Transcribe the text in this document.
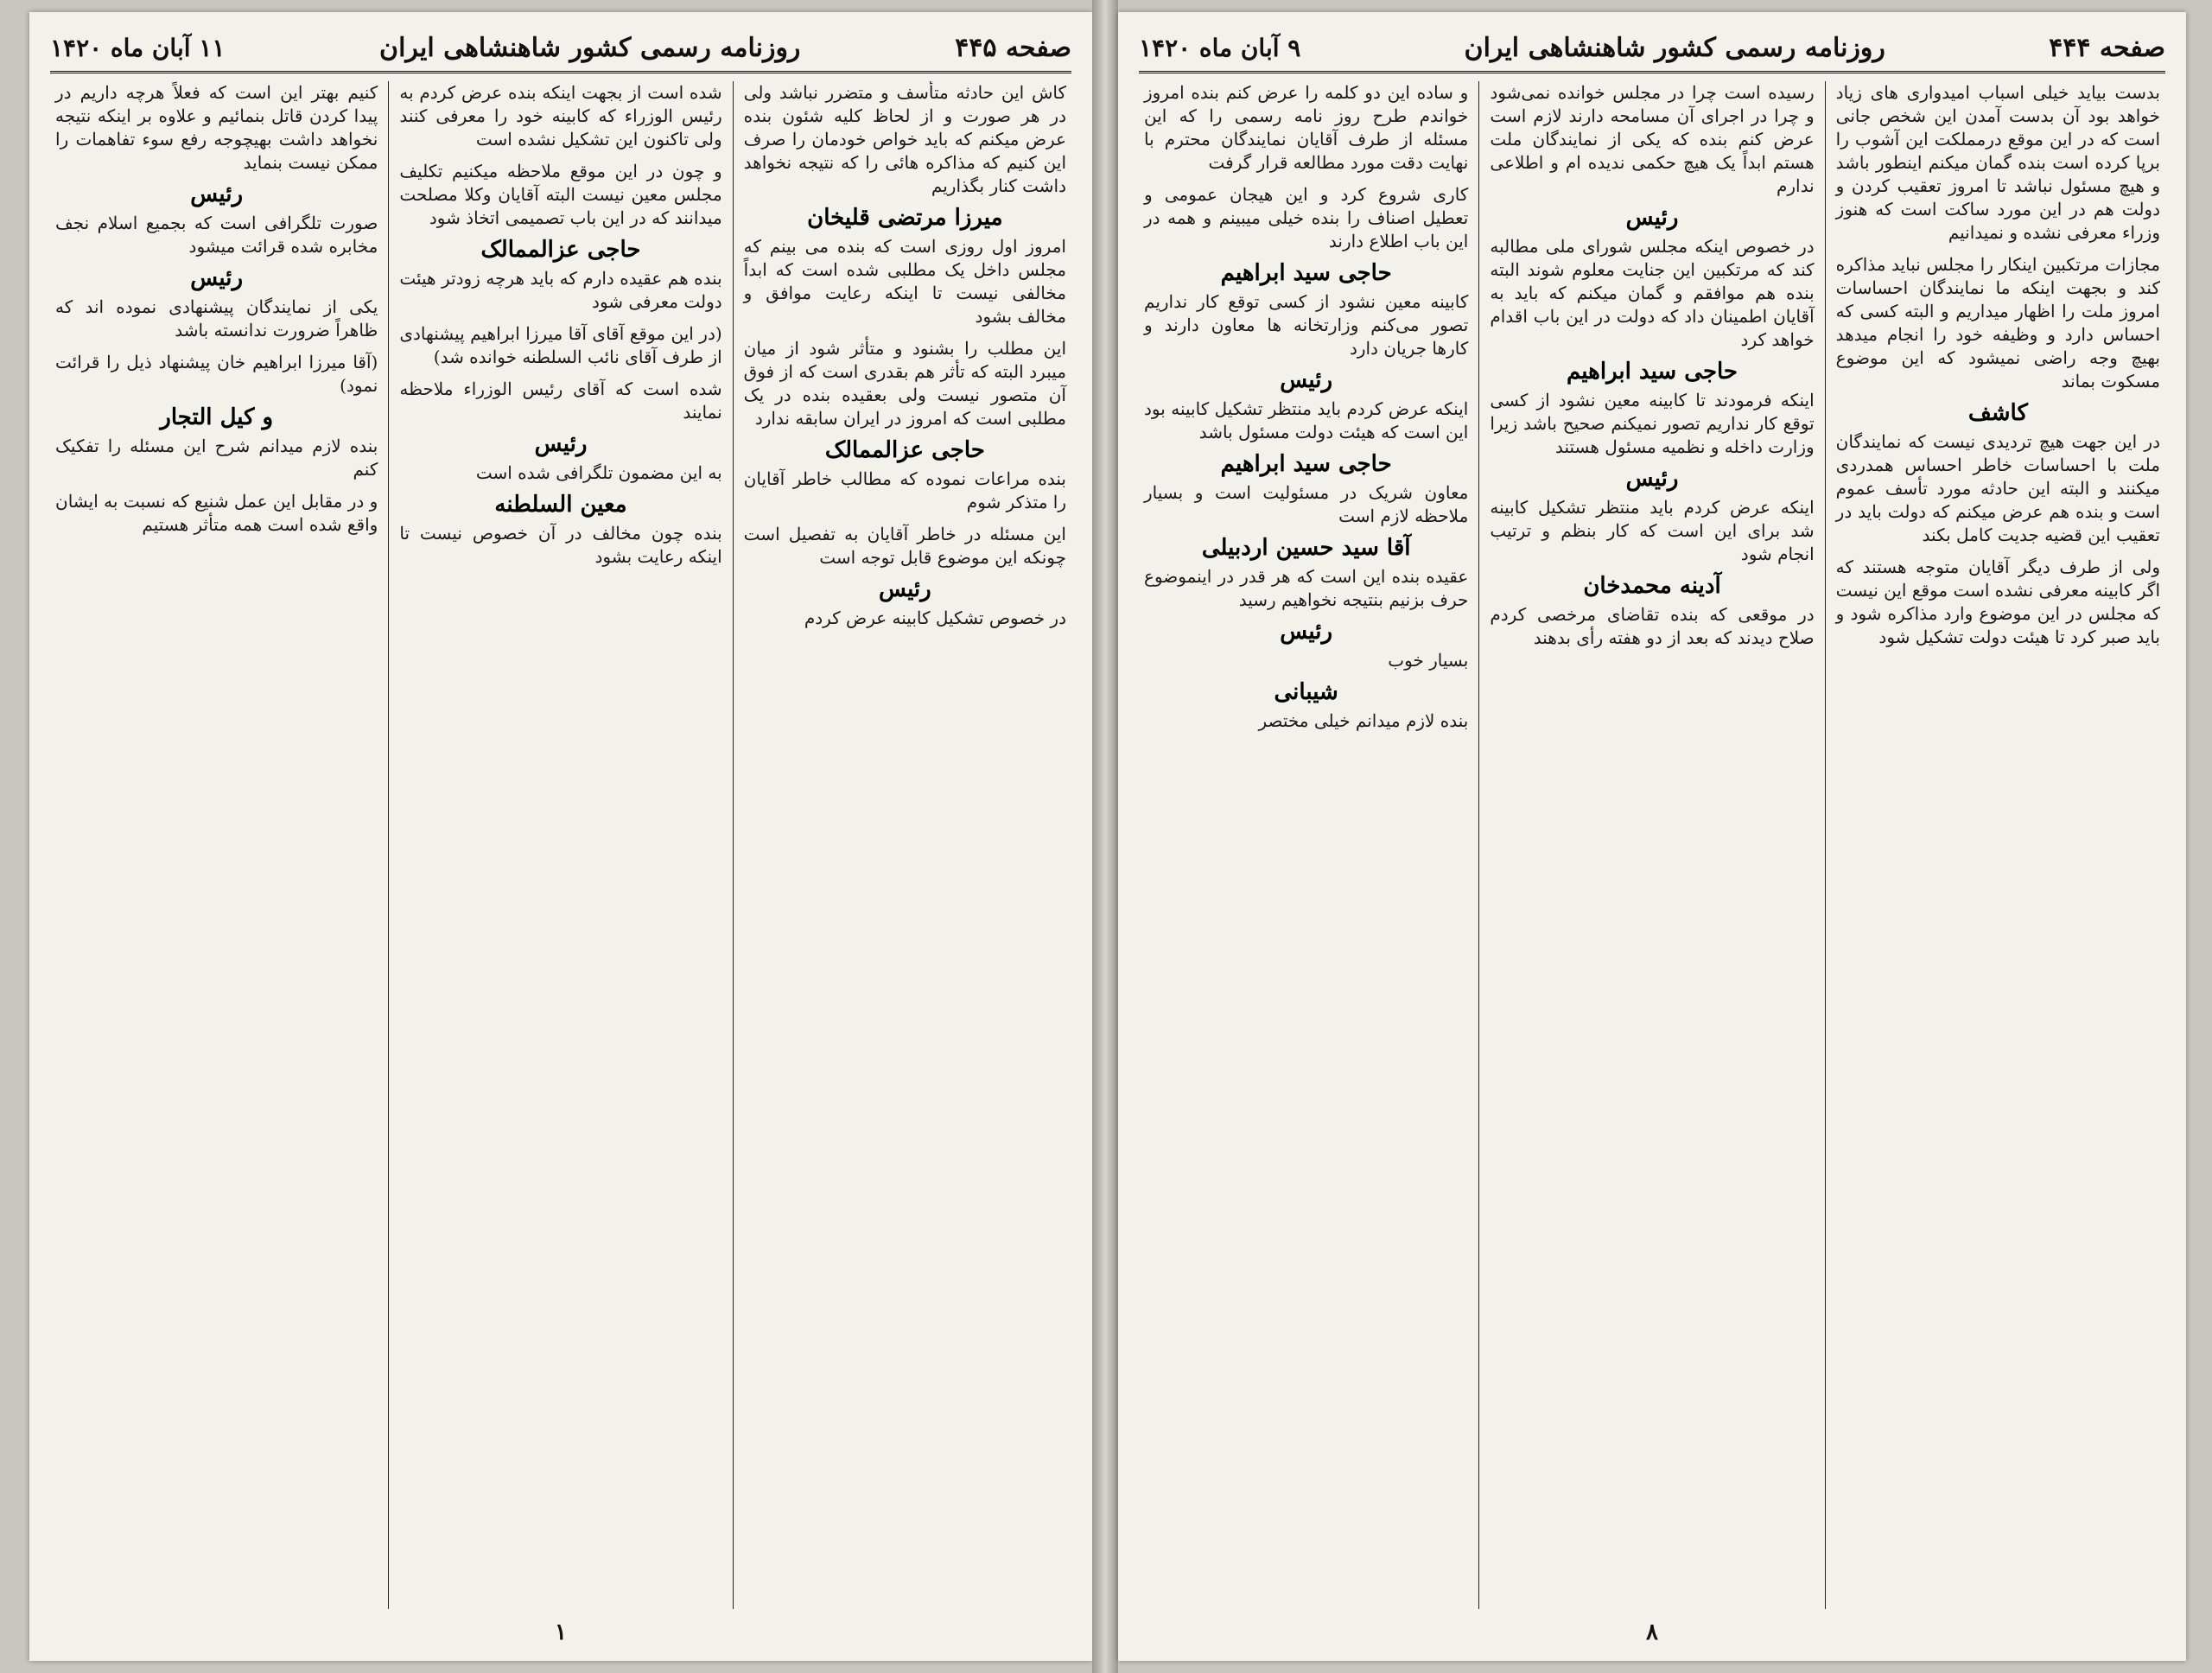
صفحه ۴۴۵
روزنامه رسمی کشور شاهنشاهی ایران
۱۱ آبان ماه ۱۴۲۰

کاش این حادثه متأسف و متضرر نباشد ولی در هر صورت و از لحاظ کلیه شئون بنده عرض میکنم که باید خواص خودمان را صرف این کنیم که مذاکره هائی را که نتیجه نخواهد داشت کنار بگذاریم

میرزا مرتضی قلیخان

امروز اول روزی است که بنده می بینم که مجلس داخل یک مطلبی شده است که ابداً مخالفی نیست تا اینکه رعایت موافق و مخالف بشود

این مطلب را بشنود و متأثر شود از میان میبرد البته که تأثر هم بقدری است که از فوق آن متصور نیست ولی بعقیده بنده در یک مطلبی است که امروز در ایران سابقه ندارد

حاجی عزالممالک

بنده مراعات نموده که مطالب خاطر آقایان را متذکر شوم

این مسئله در خاطر آقایان به تفصیل است چونکه این موضوع قابل توجه است

رئیس

در خصوص تشکیل کابینه عرض کردم

شده است از بجهت اینکه بنده عرض کردم به رئیس الوزراء که کابینه خود را معرفی کنند ولی تاکنون این تشکیل نشده است

و چون در این موقع ملاحظه میکنیم تکلیف مجلس معین نیست البته آقایان وکلا مصلحت میدانند که در این باب تصمیمی اتخاذ شود

حاجی عزالممالک

بنده هم عقیده دارم که باید هرچه زودتر هیئت دولت معرفی شود

(در این موقع آقای آقا میرزا ابراهیم پیشنهادی از طرف آقای نائب السلطنه خوانده شد)

شده است که آقای رئیس الوزراء ملاحظه نمایند

رئیس

به این مضمون تلگرافی شده است

معین السلطنه

بنده چون مخالف در آن خصوص نیست تا اینکه رعایت بشود

کنیم بهتر این است که فعلاً هرچه داریم در پیدا کردن قاتل بنمائیم و علاوه بر اینکه نتیجه نخواهد داشت بهیچوجه رفع سوء تفاهمات را ممکن نیست بنماید

رئیس

صورت تلگرافی است که بجمیع اسلام نجف مخابره شده قرائت میشود

رئیس

یکی از نمایندگان پیشنهادی نموده اند که ظاهراً ضرورت ندانسته باشد

(آقا میرزا ابراهیم خان پیشنهاد ذیل را قرائت نمود)

و کیل التجار

بنده لازم میدانم شرح این مسئله را تفکیک کنم

و در مقابل این عمل شنیع که نسبت به ایشان واقع شده است همه متأثر هستیم

۱
صفحه ۴۴۴
روزنامه رسمی کشور شاهنشاهی ایران
۹ آبان ماه ۱۴۲۰

بدست بیاید خیلی اسباب امیدواری های زیاد خواهد بود آن بدست آمدن این شخص جانی است که در این موقع درمملکت این آشوب را برپا کرده است بنده گمان میکنم اینطور باشد و هیچ مسئول نباشد تا امروز تعقیب کردن و دولت هم در این مورد ساکت است که هنوز وزراء معرفی نشده و نمیدانیم

مجازات مرتکبین اینکار را مجلس نباید مذاکره کند و بجهت اینکه ما نمایندگان احساسات امروز ملت را اظهار میداریم و البته کسی که احساس دارد و وظیفه خود را انجام میدهد بهیچ وجه راضی نمیشود که این موضوع مسکوت بماند

کاشف

در این جهت هیچ تردیدی نیست که نمایندگان ملت با احساسات خاطر احساس همدردی میکنند و البته این حادثه مورد تأسف عموم است و بنده هم عرض میکنم که دولت باید در تعقیب این قضیه جدیت کامل بکند

ولی از طرف دیگر آقایان متوجه هستند که اگر کابینه معرفی نشده است موقع این نیست که مجلس در این موضوع وارد مذاکره شود و باید صبر کرد تا هیئت دولت تشکیل شود

رسیده است چرا در مجلس خوانده نمی‌شود و چرا در اجرای آن مسامحه دارند لازم است عرض کنم بنده که یکی از نمایندگان ملت هستم ابداً یک هیچ حکمی ندیده ام و اطلاعی ندارم

رئیس

در خصوص اینکه مجلس شورای ملی مطالبه کند که مرتکبین این جنایت معلوم شوند البته بنده هم موافقم و گمان میکنم که باید به آقایان اطمینان داد که دولت در این باب اقدام خواهد کرد

حاجی سید ابراهیم

اینکه فرمودند تا کابینه معین نشود از کسی توقع کار نداریم تصور نمیکنم صحیح باشد زیرا وزارت داخله و نظمیه مسئول هستند

رئیس

اینکه عرض کردم باید منتظر تشکیل کابینه شد برای این است که کار بنظم و ترتیب انجام شود

آدینه محمدخان

در موقعی که بنده تقاضای مرخصی کردم صلاح دیدند که بعد از دو هفته رأی بدهند

و ساده این دو کلمه را عرض کنم بنده امروز خواندم طرح روز نامه رسمی را که این مسئله از طرف آقایان نمایندگان محترم با نهایت دقت مورد مطالعه قرار گرفت

کاری شروع کرد و این هیجان عمومی و تعطیل اصناف را بنده خیلی میبینم و همه در این باب اطلاع دارند

حاجی سید ابراهیم

کابینه معین نشود از کسی توقع کار نداریم تصور می‌کنم وزارتخانه ها معاون دارند و کارها جریان دارد

رئیس

اینکه عرض کردم باید منتظر تشکیل کابینه بود این است که هیئت دولت مسئول باشد

حاجی سید ابراهیم

معاون شریک در مسئولیت است و بسیار ملاحظه لازم است

آقا سید حسین اردبیلی

عقیده بنده این است که هر قدر در اینموضوع حرف بزنیم بنتیجه نخواهیم رسید

رئیس

بسیار خوب

شیبانی

بنده لازم میدانم خیلی مختصر

۸
